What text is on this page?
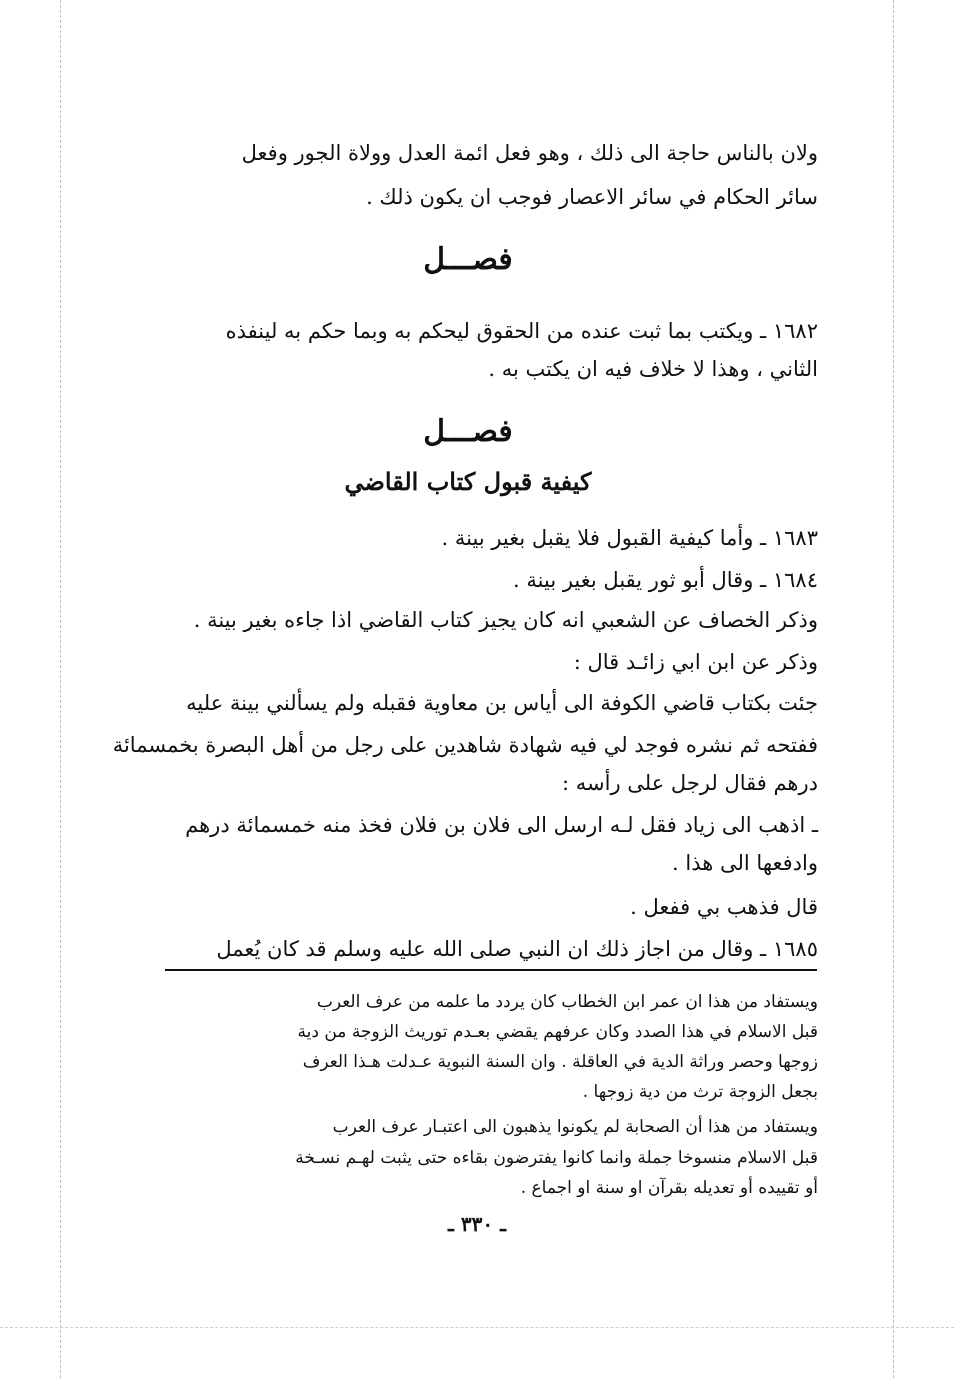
ولان بالناس حاجة الى ذلك ، وهو فعل ائمة العدل وولاة الجور وفعل
سائر الحكام في سائر الاعصار فوجب ان يكون ذلك .
فصـــل
١٦٨٢ ـ ويكتب بما ثبت عنده من الحقوق ليحكم به وبما حكم به لينفذه
الثاني ، وهذا لا خلاف فيه ان يكتب به .
فصـــل
كيفية قبول كتاب القاضي
١٦٨٣ ـ وأما كيفية القبول فلا يقبل بغير بينة .
١٦٨٤ ـ وقال أبو ثور يقبل بغير بينة .
وذكر الخصاف عن الشعبي انه كان يجيز كتاب القاضي اذا جاءه بغير بينة .
وذكر عن ابن ابي زائـد قال :
جئت بكتاب قاضي الكوفة الى أياس بن معاوية فقبله ولم يسألني بينة عليه
ففتحه ثم نشره فوجد لي فيه شهادة شاهدين على رجل من أهل البصرة بخمسمائة
درهم فقال لرجل على رأسه :
ـ اذهب الى زياد فقل لـه ارسل الى فلان بن فلان فخذ منه خمسمائة درهم
وادفعها الى هذا .
قال فذهب بي ففعل .
١٦٨٥ ـ وقال من اجاز ذلك ان النبي صلى الله عليه وسلم قد كان يُعمل
ويستفاد من هذا ان عمر ابن الخطاب كان يردد ما علمه من عرف العرب
قبل الاسلام في هذا الصدد وكان عرفهم يقضي بعـدم توريث الزوجة من دية
زوجها وحصر وراثة الدية في العاقلة . وان السنة النبوية عـدلت هـذا العرف
بجعل الزوجة ترث من دية زوجها .
ويستفاد من هذا أن الصحابة لم يكونوا يذهبون الى اعتبـار عرف العرب
قبل الاسلام منسوخا جملة وانما كانوا يفترضون بقاءه حتى يثبت لهـم نسـخة
أو تقييده أو تعديله بقرآن او سنة او اجماع .
ـ ٣٣٠ ـ
